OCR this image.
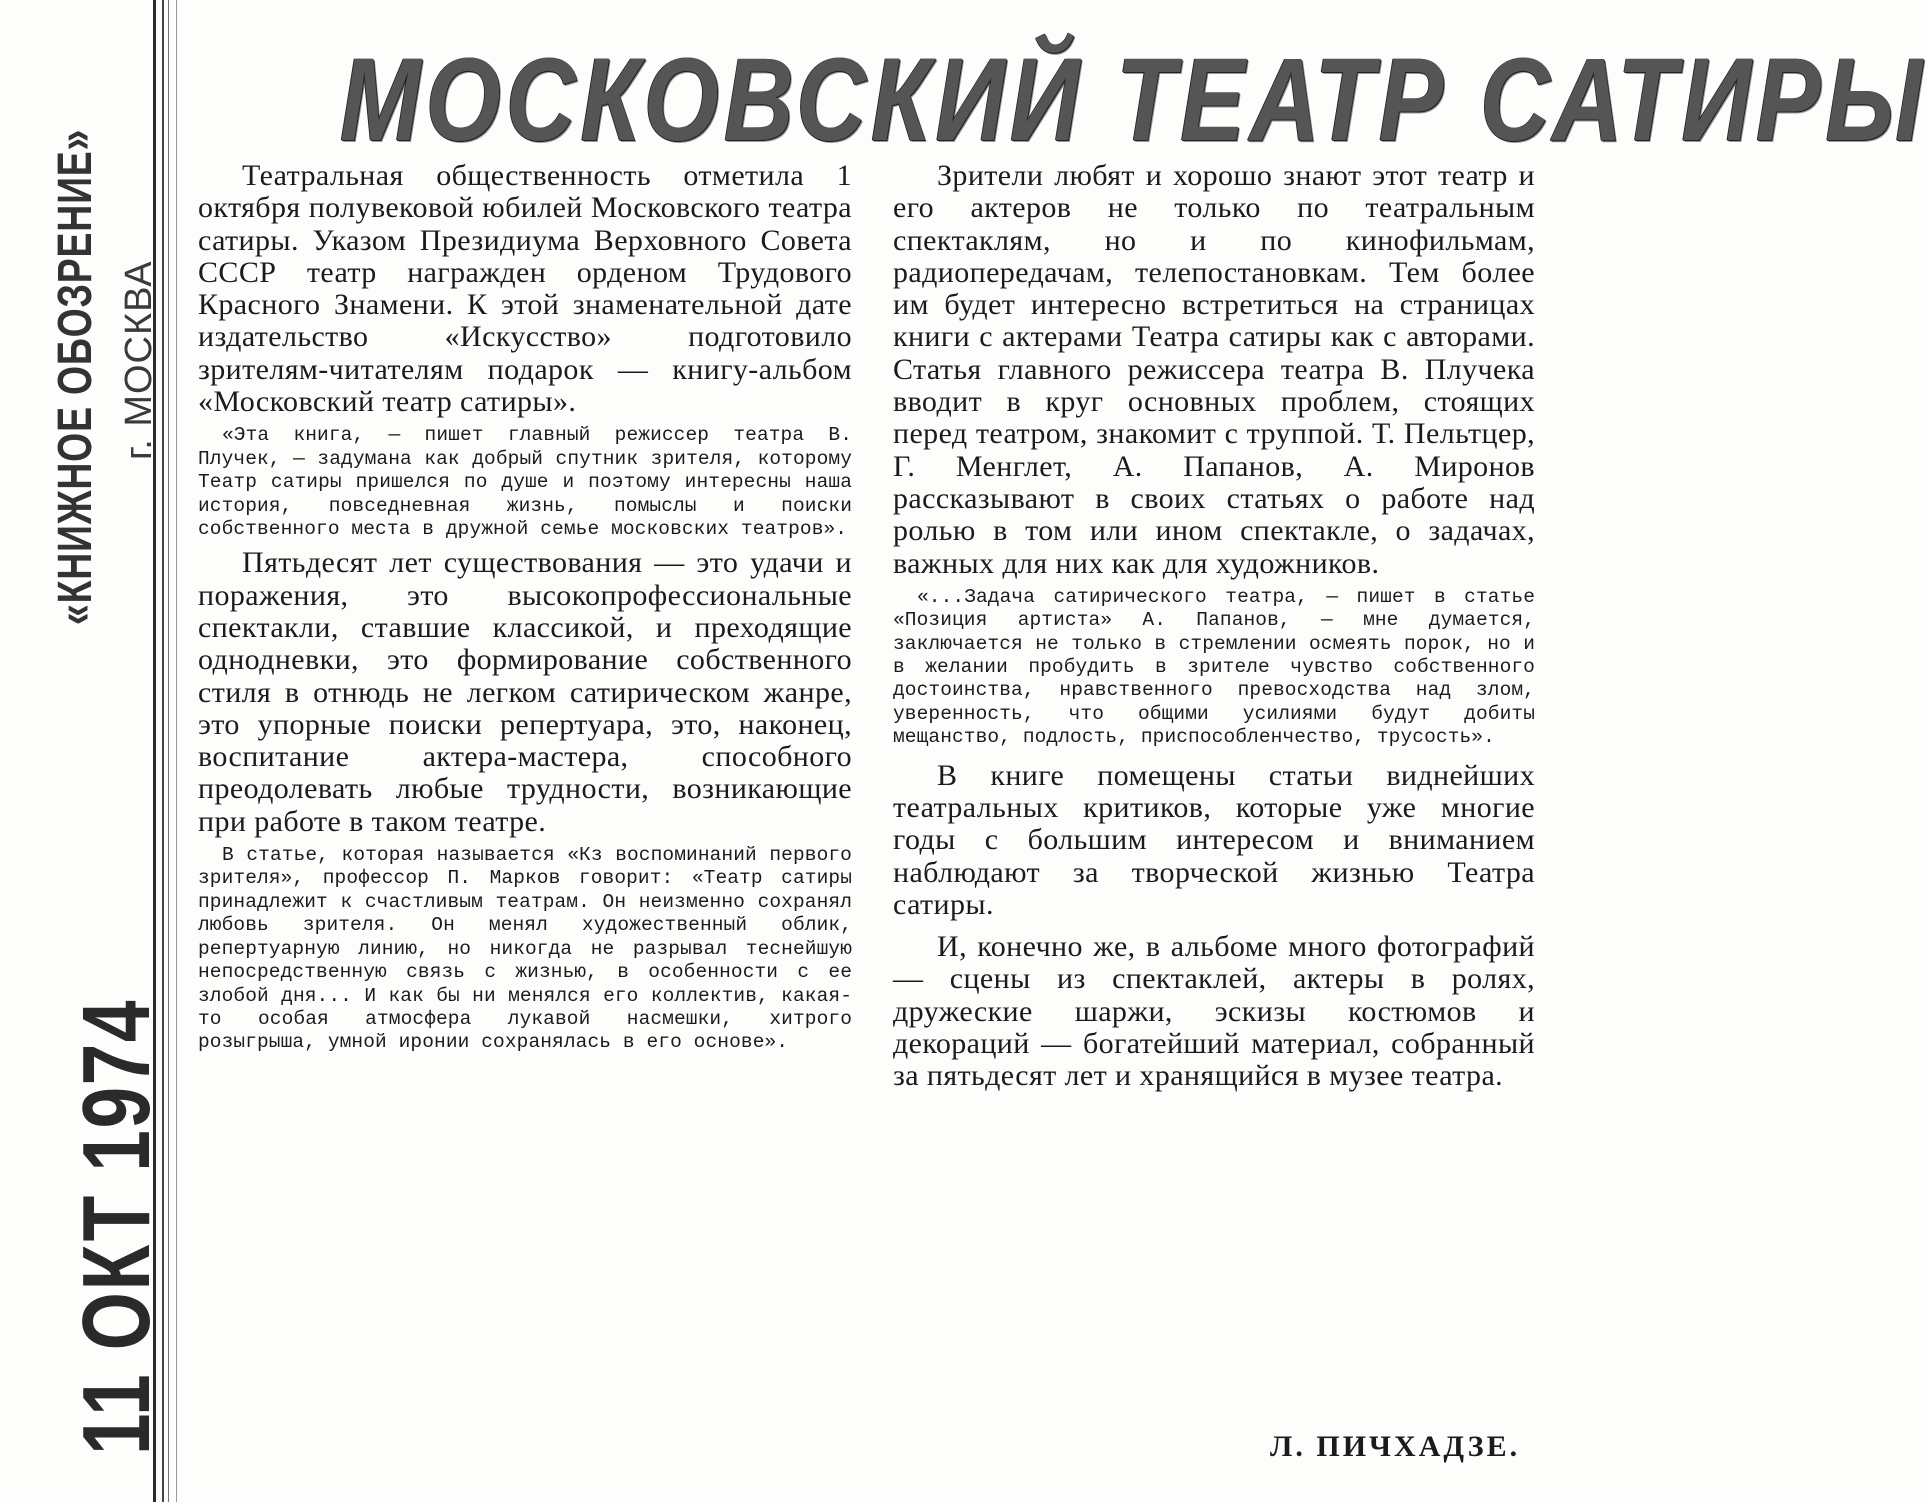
«КНИЖНОЕ ОБОЗРЕНИЕ» г. МОСКВА
11 ОКТ 1974
МОСКОВСКИЙ ТЕАТР САТИРЫ

Театральная общественность отметила 1 октября полувековой юбилей Московского театра сатиры. Указом Президиума Верховного Совета СССР театр награжден орденом Трудового Красного Знамени. К этой знаменательной дате издательство «Искусство» подготовило зрителям-читателям подарок — книгу-альбом «Московский театр сатиры».

«Эта книга, — пишет главный режиссер театра В. Плучек, — задумана как добрый спутник зрителя, которому Театр сатиры пришелся по душе и поэтому интересны наша история, повседневная жизнь, помыслы и поиски собственного места в дружной семье московских театров».

Пятьдесят лет существования — это удачи и поражения, это высокопрофессиональные спектакли, ставшие классикой, и преходящие однодневки, это формирование собственного стиля в отнюдь не легком сатирическом жанре, это упорные поиски репертуара, это, наконец, воспитание актера-мастера, способного преодолевать любые трудности, возникающие при работе в таком театре.

В статье, которая называется «Кз воспоминаний первого зрителя», профессор П. Марков говорит: «Театр сатиры принадлежит к счастливым театрам. Он неизменно сохранял любовь зрителя. Он менял художественный облик, репертуарную линию, но никогда не разрывал теснейшую непосредственную связь с жизнью, в особенности с ее злобой дня... И как бы ни менялся его коллектив, какая-то особая атмосфера лукавой насмешки, хитрого розыгрыша, умной иронии сохранялась в его основе».

Зрители любят и хорошо знают этот театр и его актеров не только по театральным спектаклям, но и по кинофильмам, радиопередачам, телепостановкам. Тем более им будет интересно встретиться на страницах книги с актерами Театра сатиры как с авторами. Статья главного режиссера театра В. Плучека вводит в круг основных проблем, стоящих перед театром, знакомит с труппой. Т. Пельтцер, Г. Менглет, А. Папанов, А. Миронов рассказывают в своих статьях о работе над ролью в том или ином спектакле, о задачах, важных для них как для художников.

«...Задача сатирического театра, — пишет в статье «Позиция артиста» А. Папанов, — мне думается, заключается не только в стремлении осмеять порок, но и в желании пробудить в зрителе чувство собственного достоинства, нравственного превосходства над злом, уверенность, что общими усилиями будут добиты мещанство, подлость, приспособленчество, трусость».

В книге помещены статьи виднейших театральных критиков, которые уже многие годы с большим интересом и вниманием наблюдают за творческой жизнью Театра сатиры.

И, конечно же, в альбоме много фотографий — сцены из спектаклей, актеры в ролях, дружеские шаржи, эскизы костюмов и декораций — богатейший материал, собранный за пятьдесят лет и хранящийся в музее театра.

Л. ПИЧХАДЗЕ.
